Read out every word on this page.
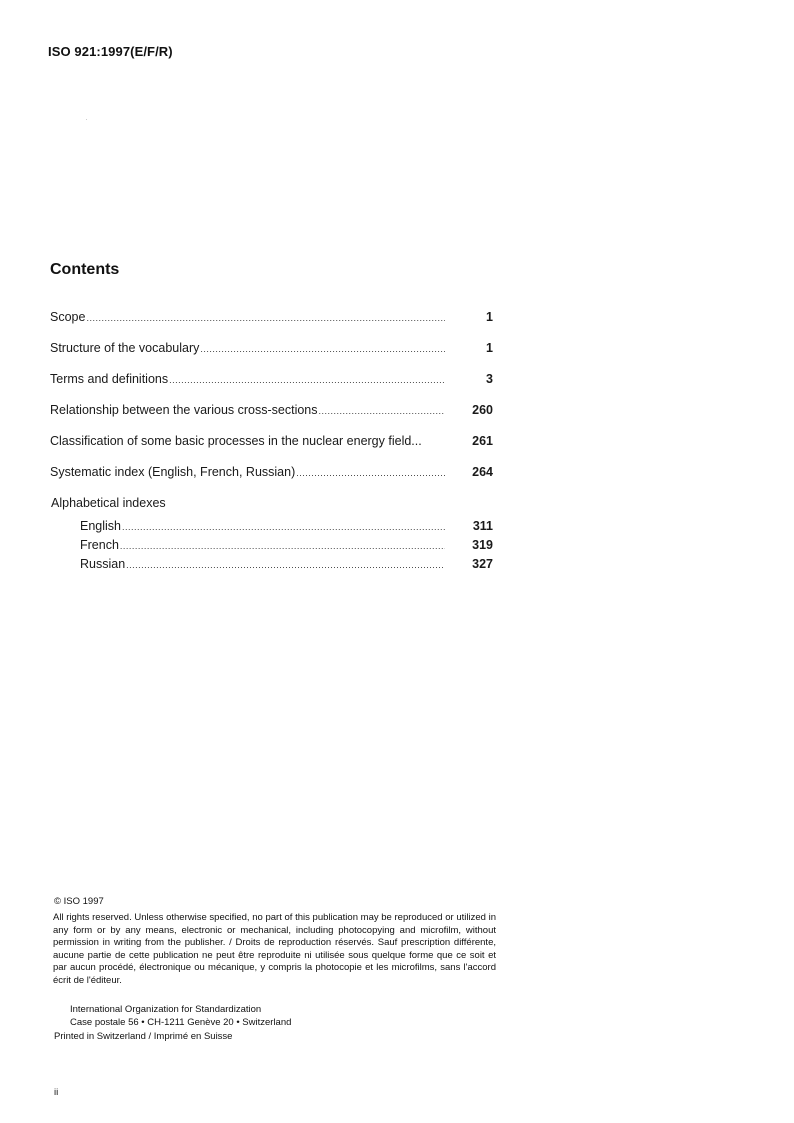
ISO 921:1997(E/F/R)
Contents
Scope .....	1
Structure of the vocabulary .....	1
Terms and definitions .....	3
Relationship between the various cross-sections .....	260
Classification of some basic processes in the nuclear energy field...	261
Systematic index (English, French, Russian) .....	264
Alphabetical indexes
English .....	311
French .....	319
Russian .....	327
© ISO 1997
All rights reserved. Unless otherwise specified, no part of this publication may be reproduced or utilized in any form or by any means, electronic or mechanical, including photocopying and microfilm, without permission in writing from the publisher. / Droits de reproduction réservés. Sauf prescription différente, aucune partie de cette publication ne peut être reproduite ni utilisée sous quelque forme que ce soit et par aucun procédé, électronique ou mécanique, y compris la photocopie et les microfilms, sans l'accord écrit de l'éditeur.
International Organization for Standardization
Case postale 56 • CH-1211 Genève 20 • Switzerland
Printed in Switzerland / Imprimé en Suisse
ii
